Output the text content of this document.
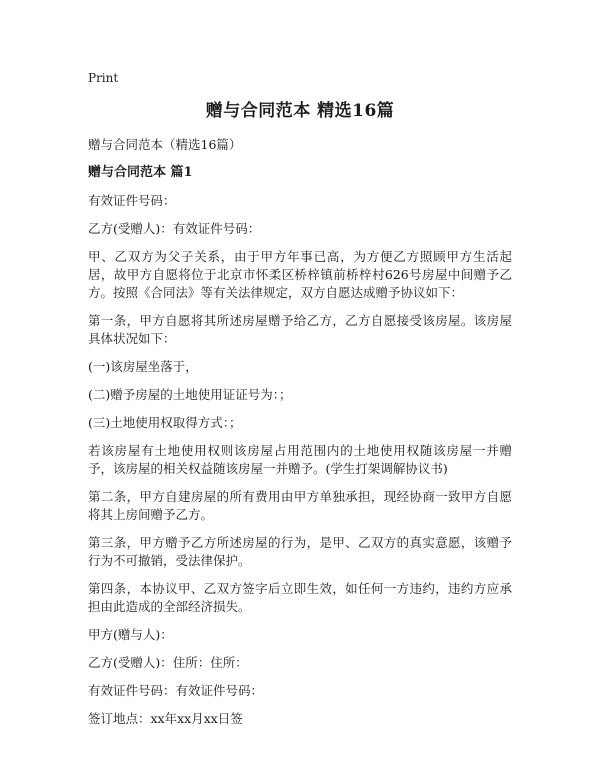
Print
赠与合同范本 精选16篇
赠与合同范本（精选16篇）
赠与合同范本 篇1

有效证件号码：

乙方(受赠人)：有效证件号码：

甲、乙双方为父子关系，由于甲方年事已高，为方便乙方照顾甲方生活起居，故甲方自愿将位于北京市怀柔区桥梓镇前桥梓村626号房屋中间赠予乙方。按照《合同法》等有关法律规定，双方自愿达成赠予协议如下：

第一条，甲方自愿将其所述房屋赠予给乙方，乙方自愿接受该房屋。该房屋具体状况如下：

(一)该房屋坐落于，

(二)赠予房屋的土地使用证证号为：；

(三)土地使用权取得方式：；

若该房屋有土地使用权则该房屋占用范围内的土地使用权随该房屋一并赠予，该房屋的相关权益随该房屋一并赠予。(学生打架调解协议书)

第二条，甲方自建房屋的所有费用由甲方单独承担，现经协商一致甲方自愿将其上房间赠予乙方。

第三条，甲方赠予乙方所述房屋的行为，是甲、乙双方的真实意愿，该赠予行为不可撤销，受法律保护。

第四条，本协议甲、乙双方签字后立即生效，如任何一方违约，违约方应承担由此造成的全部经济损失。

甲方(赠与人)：

乙方(受赠人)：住所：住所：

有效证件号码：有效证件号码：

签订地点：xx年xx月xx日签
